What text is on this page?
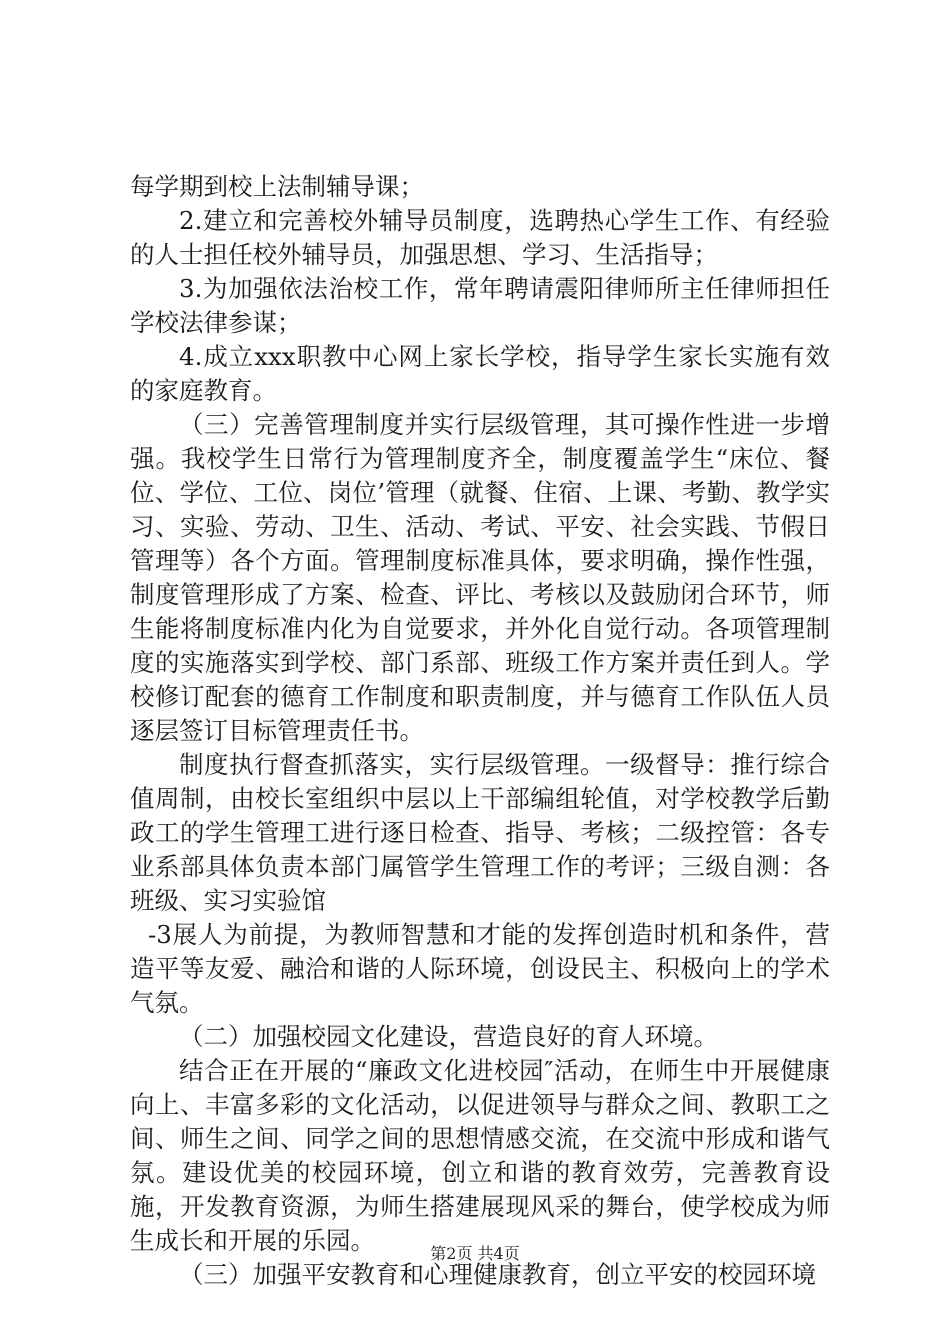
每学期到校上法制辅导课；

2.建立和完善校外辅导员制度，选聘热心学生工作、有经验的人士担任校外辅导员，加强思想、学习、生活指导；

3.为加强依法治校工作，常年聘请震阳律师所主任律师担任学校法律参谋；

4.成立xxx职教中心网上家长学校，指导学生家长实施有效的家庭教育。

（三）完善管理制度并实行层级管理，其可操作性进一步增强。我校学生日常行为管理制度齐全，制度覆盖学生“床位、餐位、学位、工位、岗位’管理（就餐、住宿、上课、考勤、教学实习、实验、劳动、卫生、活动、考试、平安、社会实践、节假日管理等）各个方面。管理制度标准具体，要求明确，操作性强，制度管理形成了方案、检查、评比、考核以及鼓励闭合环节，师生能将制度标准内化为自觉要求，并外化自觉行动。各项管理制度的实施落实到学校、部门系部、班级工作方案并责任到人。学校修订配套的德育工作制度和职责制度，并与德育工作队伍人员逐层签订目标管理责任书。

制度执行督查抓落实，实行层级管理。一级督导：推行综合值周制，由校长室组织中层以上干部编组轮值，对学校教学后勤政工的学生管理工进行逐日检查、指导、考核；二级控管：各专业系部具体负责本部门属管学生管理工作的考评；三级自测：各班级、实习实验馆

-3展人为前提，为教师智慧和才能的发挥创造时机和条件，营造平等友爱、融洽和谐的人际环境，创设民主、积极向上的学术气氛。

（二）加强校园文化建设，营造良好的育人环境。

结合正在开展的“廉政文化进校园″活动，在师生中开展健康向上、丰富多彩的文化活动，以促进领导与群众之间、教职工之间、师生之间、同学之间的思想情感交流，在交流中形成和谐气氛。建设优美的校园环境，创立和谐的教育效劳，完善教育设施，开发教育资源，为师生搭建展现风采的舞台，使学校成为师生成长和开展的乐园。

（三）加强平安教育和心理健康教育，创立平安的校园环境

第2页 共4页
